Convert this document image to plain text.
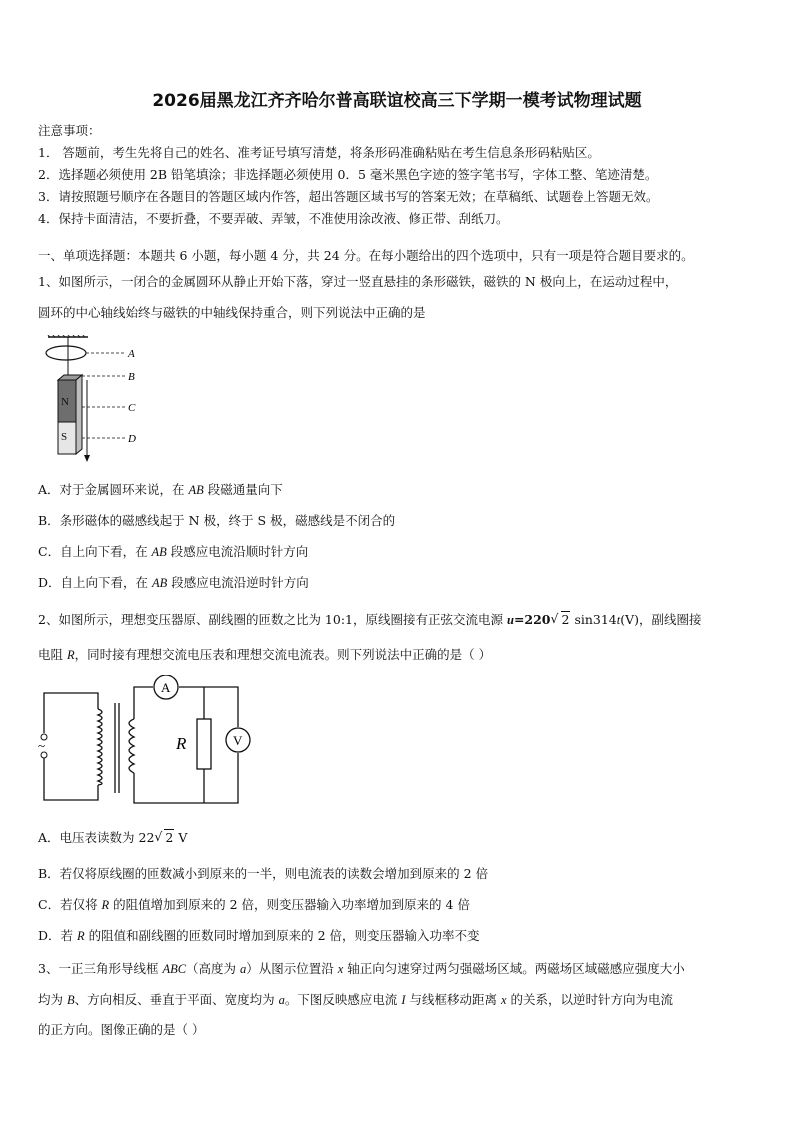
2026届黑龙江齐齐哈尔普高联谊校高三下学期一模考试物理试题
注意事项：
1． 答题前，考生先将自己的姓名、准考证号填写清楚，将条形码准确粘贴在考生信息条形码粘贴区。
2．选择题必须使用 2B 铅笔填涂；非选择题必须使用 0．5 毫米黑色字迹的签字笔书写，字体工整、笔迹清楚。
3．请按照题号顺序在各题目的答题区域内作答，超出答题区域书写的答案无效；在草稿纸、试题卷上答题无效。
4．保持卡面清洁，不要折叠，不要弄破、弄皱，不准使用涂改液、修正带、刮纸刀。
一、单项选择题：本题共 6 小题，每小题 4 分，共 24 分。在每小题给出的四个选项中，只有一项是符合题目要求的。
1、如图所示，一闭合的金属圆环从静止开始下落，穿过一竖直悬挂的条形磁铁，磁铁的 N 极向上，在运动过程中，
圆环的中心轴线始终与磁铁的中轴线保持重合，则下列说法中正确的是
A
N
S
B
C
D
A．对于金属圆环来说，在 AB 段磁通量向下
B．条形磁体的磁感线起于 N 极，终于 S 极，磁感线是不闭合的
C．自上向下看，在 AB 段感应电流沿顺时针方向
D．自上向下看，在 AB 段感应电流沿逆时针方向
2、如图所示，理想变压器原、副线圈的匝数之比为 10:1，原线圈接有正弦交流电源 u=220 √ 2 sin314t(V)，副线圈接
电阻 R，同时接有理想交流电压表和理想交流电流表。则下列说法中正确的是（ ）
~
A
V
R
A．电压表读数为 22 √ 2 V
B．若仅将原线圈的匝数减小到原来的一半，则电流表的读数会增加到原来的 2 倍
C．若仅将 R 的阻值增加到原来的 2 倍，则变压器输入功率增加到原来的 4 倍
D．若 R 的阻值和副线圈的匝数同时增加到原来的 2 倍，则变压器输入功率不变
3、一正三角形导线框 ABC（高度为 a）从图示位置沿 x 轴正向匀速穿过两匀强磁场区域。两磁场区域磁感应强度大小
均为 B、方向相反、垂直于平面、宽度均为 a。下图反映感应电流 I 与线框移动距离 x 的关系，以逆时针方向为电流
的正方向。图像正确的是（ ）
